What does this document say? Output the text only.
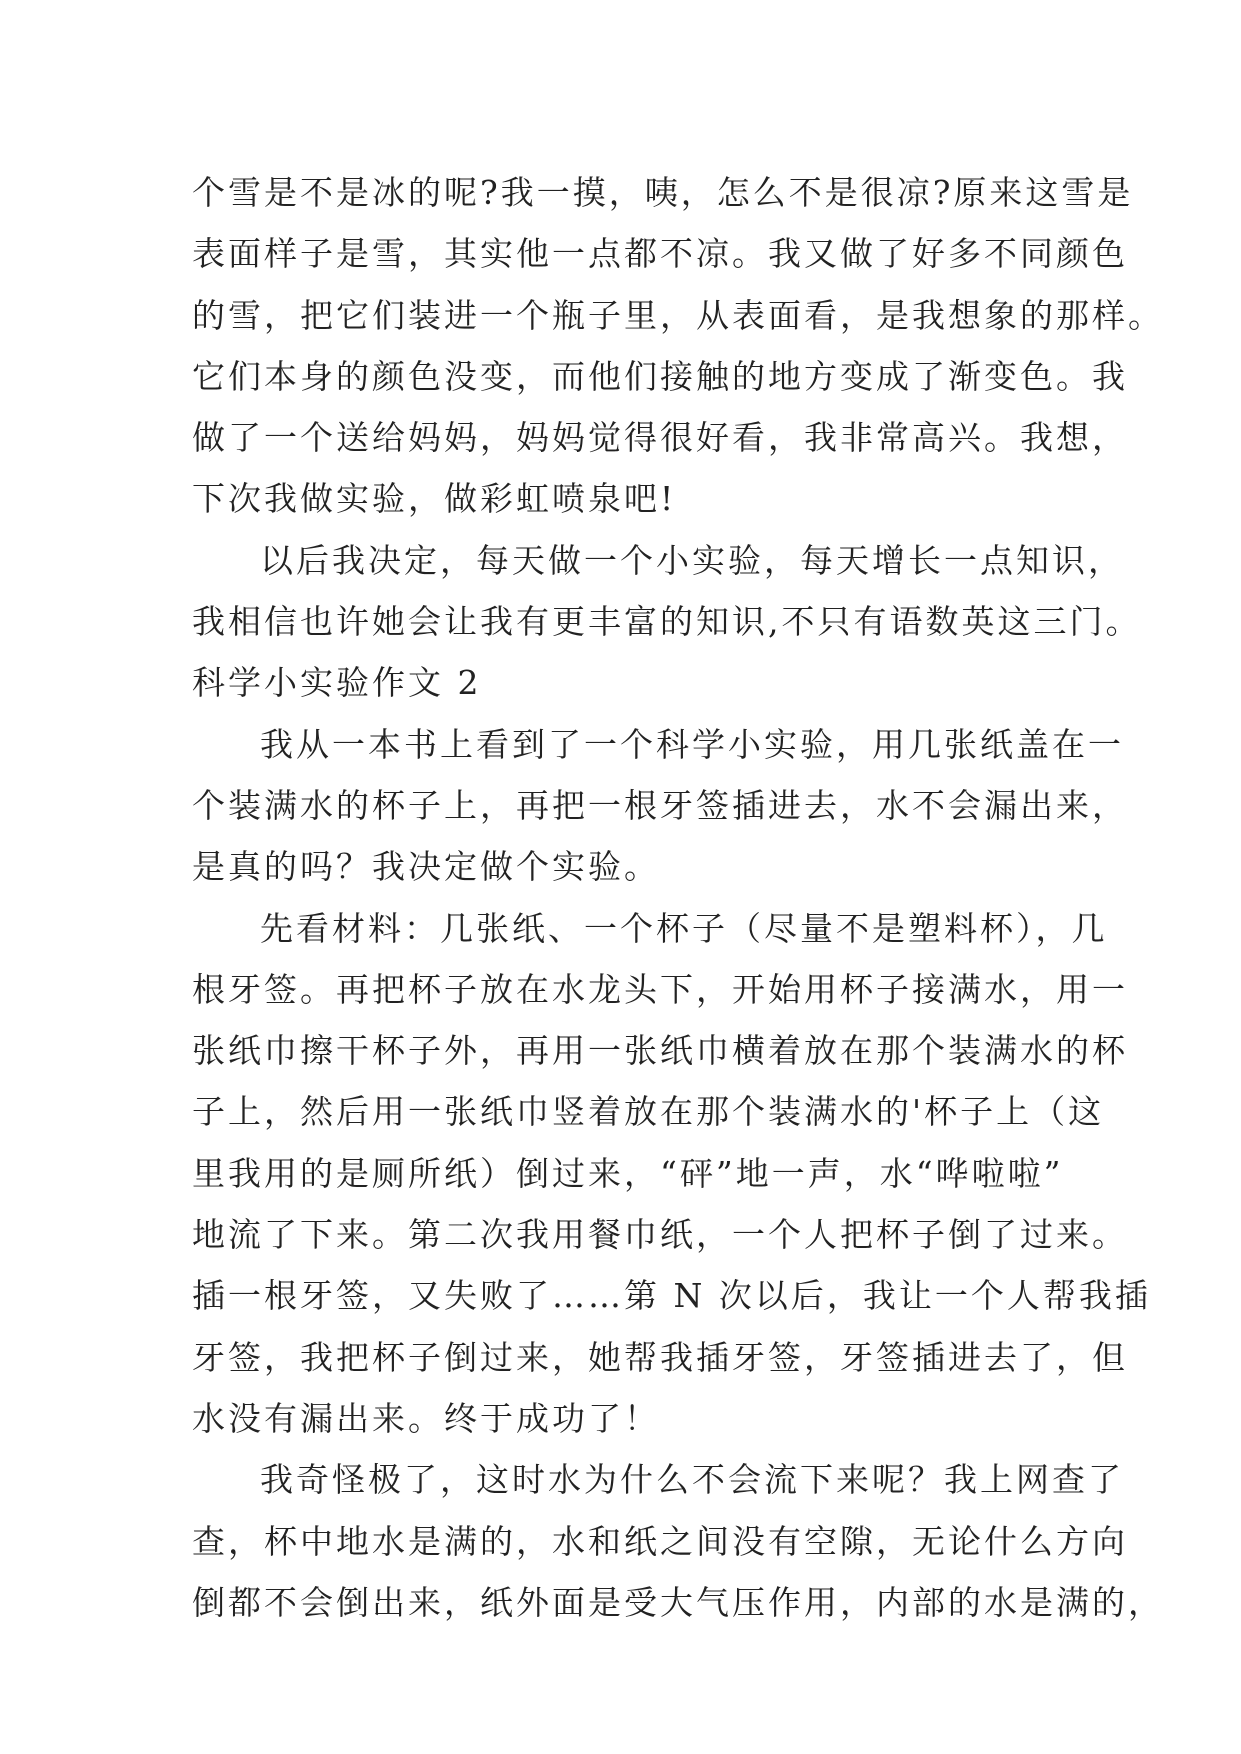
个雪是不是冰的呢?我一摸，咦，怎么不是很凉?原来这雪是
表面样子是雪，其实他一点都不凉。我又做了好多不同颜色
的雪，把它们装进一个瓶子里，从表面看，是我想象的那样。
它们本身的颜色没变，而他们接触的地方变成了渐变色。我
做了一个送给妈妈，妈妈觉得很好看，我非常高兴。我想，
下次我做实验，做彩虹喷泉吧!
以后我决定，每天做一个小实验，每天增长一点知识，
我相信也许她会让我有更丰富的知识,不只有语数英这三门。
科学小实验作文 2
我从一本书上看到了一个科学小实验，用几张纸盖在一
个装满水的杯子上，再把一根牙签插进去，水不会漏出来，
是真的吗？我决定做个实验。
先看材料：几张纸、一个杯子（尽量不是塑料杯），几
根牙签。再把杯子放在水龙头下，开始用杯子接满水，用一
张纸巾擦干杯子外，再用一张纸巾横着放在那个装满水的杯
子上，然后用一张纸巾竖着放在那个装满水的'杯子上（这
里我用的是厕所纸）倒过来，“砰”地一声，水“哗啦啦”
地流了下来。第二次我用餐巾纸，一个人把杯子倒了过来。
插一根牙签，又失败了……第 N 次以后，我让一个人帮我插
牙签，我把杯子倒过来，她帮我插牙签，牙签插进去了，但
水没有漏出来。终于成功了！
我奇怪极了，这时水为什么不会流下来呢？我上网查了
查，杯中地水是满的，水和纸之间没有空隙，无论什么方向
倒都不会倒出来，纸外面是受大气压作用，内部的水是满的，
